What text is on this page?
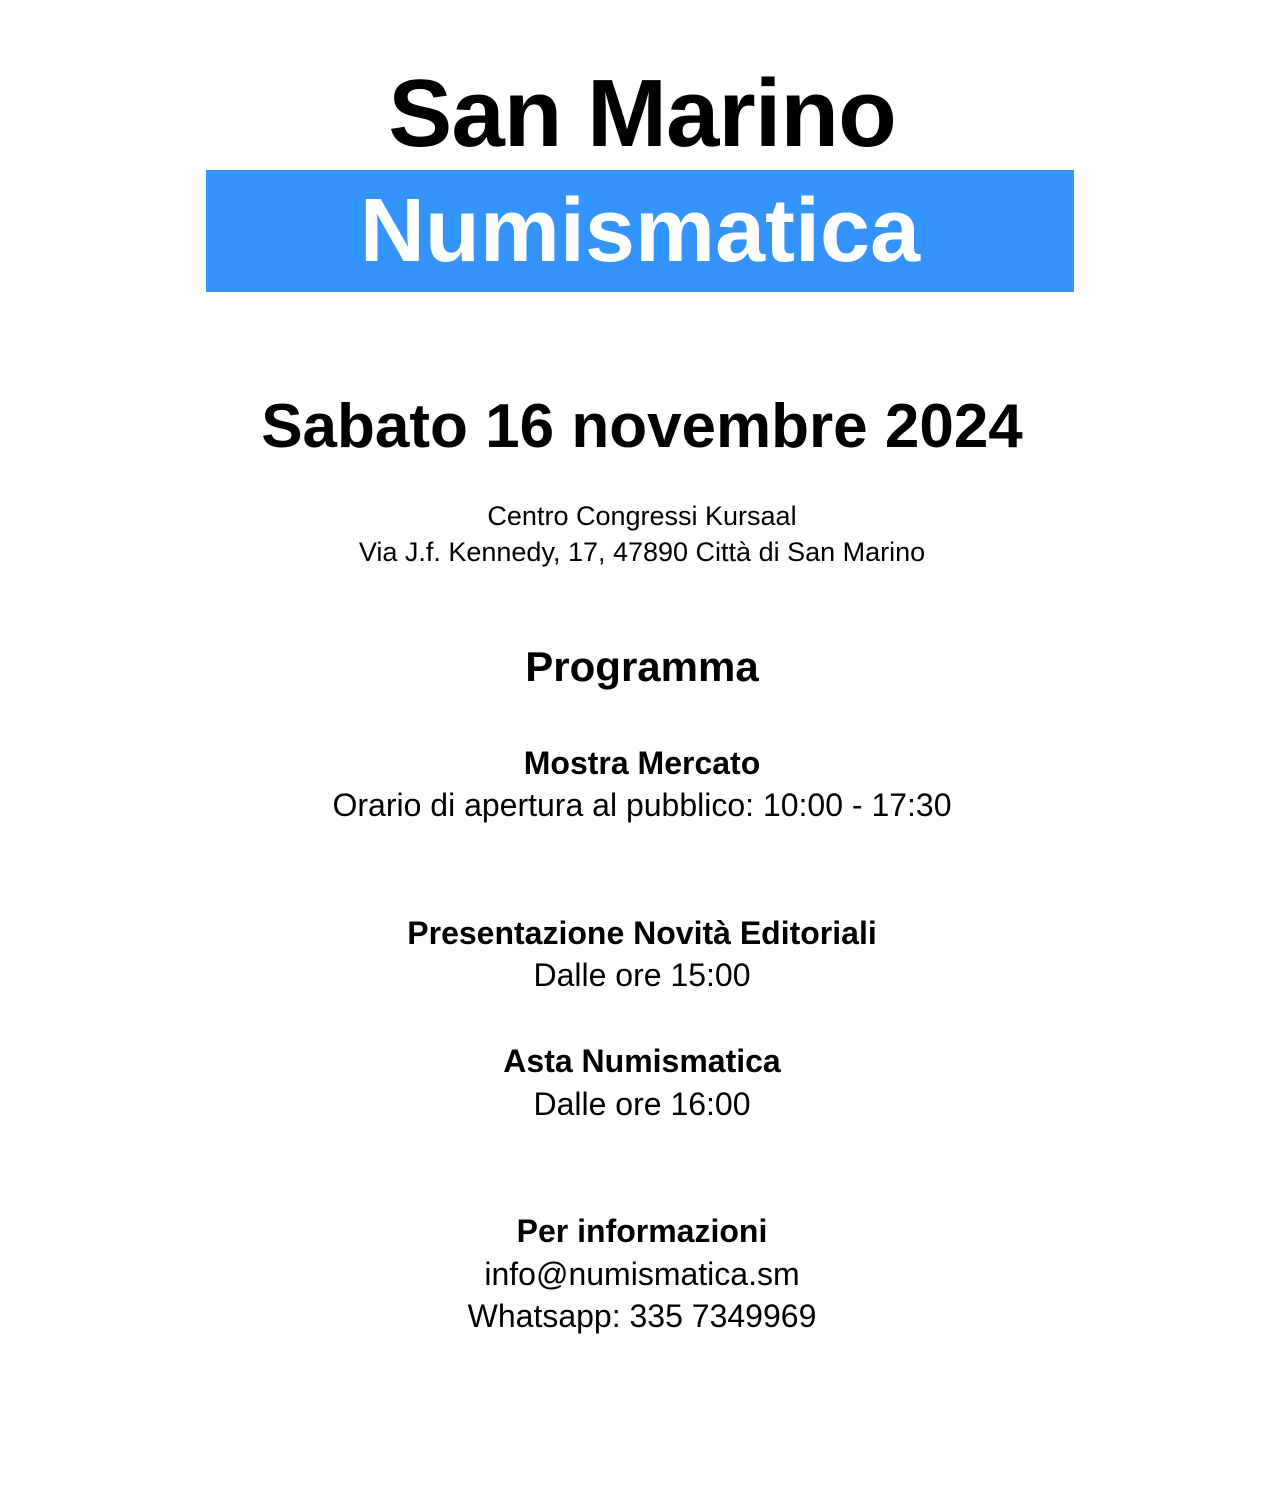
San Marino
Numismatica
Sabato 16 novembre 2024
Centro Congressi Kursaal
Via J.f. Kennedy, 17, 47890 Città di San Marino
Programma
Mostra Mercato
Orario di apertura al pubblico: 10:00 - 17:30
Presentazione Novità Editoriali
Dalle ore 15:00
Asta Numismatica
Dalle ore 16:00
Per informazioni
info@numismatica.sm
Whatsapp: 335 7349969
